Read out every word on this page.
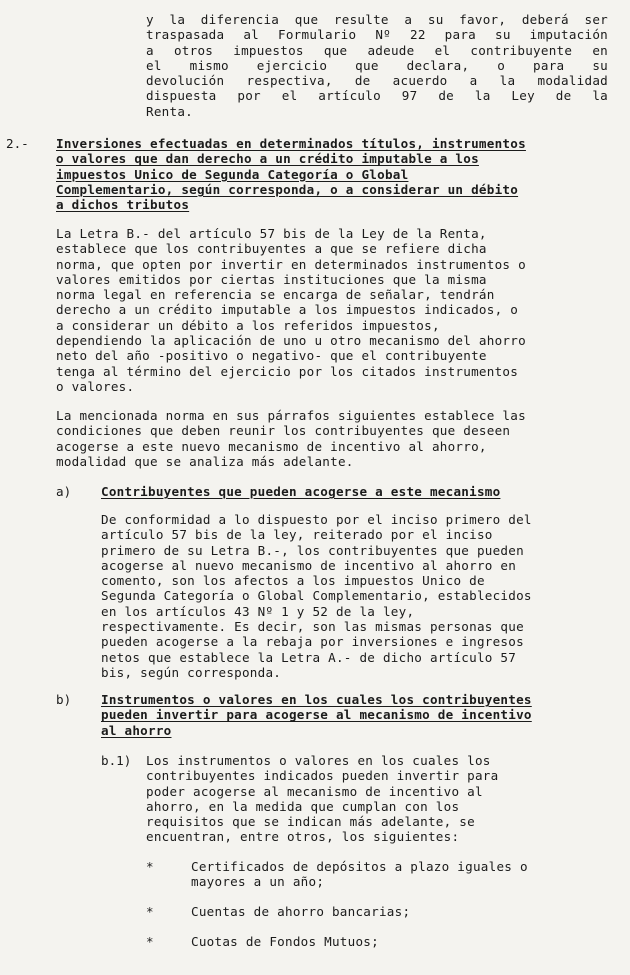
y la diferencia que resulte a su favor, deberá ser
traspasada al Formulario Nº 22 para su imputación
a otros impuestos que adeude el contribuyente en
el mismo ejercicio que declara, o para su
devolución respectiva, de acuerdo a la modalidad
dispuesta por el artículo 97 de la Ley de la
Renta.
2.- Inversiones efectuadas en determinados títulos, instrumentos
o valores que dan derecho a un crédito imputable a los
impuestos Unico de Segunda Categoría o Global
Complementario, según corresponda, o a considerar un débito
a dichos tributos
La Letra B.- del artículo 57 bis de la Ley de la Renta,
establece que los contribuyentes a que se refiere dicha
norma, que opten por invertir en determinados instrumentos o
valores emitidos por ciertas instituciones que la misma
norma legal en referencia se encarga de señalar, tendrán
derecho a un crédito imputable a los impuestos indicados, o
a considerar un débito a los referidos impuestos,
dependiendo la aplicación de uno u otro mecanismo del ahorro
neto del año -positivo o negativo- que el contribuyente
tenga al término del ejercicio por los citados instrumentos
o valores.
La mencionada norma en sus párrafos siguientes establece las
condiciones que deben reunir los contribuyentes que deseen
acogerse a este nuevo mecanismo de incentivo al ahorro,
modalidad que se analiza más adelante.
a) Contribuyentes que pueden acogerse a este mecanismo
De conformidad a lo dispuesto por el inciso primero del
artículo 57 bis de la ley, reiterado por el inciso
primero de su Letra B.-, los contribuyentes que pueden
acogerse al nuevo mecanismo de incentivo al ahorro en
comento, son los afectos a los impuestos Unico de
Segunda Categoría o Global Complementario, establecidos
en los artículos 43 Nº 1 y 52 de la ley,
respectivamente. Es decir, son las mismas personas que
pueden acogerse a la rebaja por inversiones e ingresos
netos que establece la Letra A.- de dicho artículo 57
bis, según corresponda.
b) Instrumentos o valores en los cuales los contribuyentes
pueden invertir para acogerse al mecanismo de incentivo
al ahorro
b.1) Los instrumentos o valores en los cuales los
contribuyentes indicados pueden invertir para
poder acogerse al mecanismo de incentivo al
ahorro, en la medida que cumplan con los
requisitos que se indican más adelante, se
encuentran, entre otros, los siguientes:
*	Certificados de depósitos a plazo iguales o
mayores a un año;
*	Cuentas de ahorro bancarias;
*	Cuotas de Fondos Mutuos;
